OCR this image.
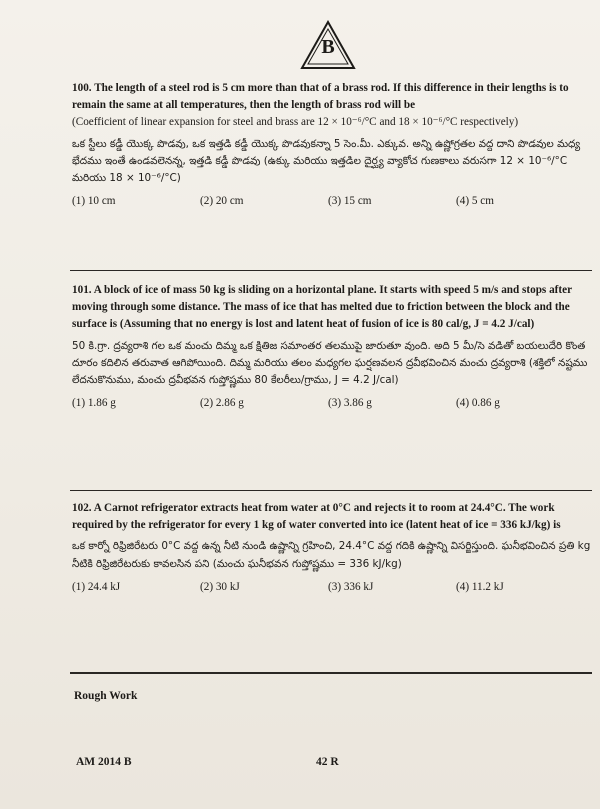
B

100. The length of a steel rod is 5 cm more than that of a brass rod. If this difference in their lengths is to remain the same at all temperatures, then the length of brass rod will be

(Coefficient of linear expansion for steel and brass are 12 × 10⁻⁶/°C and 18 × 10⁻⁶/°C respectively)

ఒక స్టీలు కడ్డీ యొక్క పొడవు, ఒక ఇత్తడి కడ్డీ యొక్క పొడవుకన్నా 5 సెం.మీ. ఎక్కువ. అన్ని ఉష్ణోగ్రతల వద్ద దాని పొడవుల మధ్య భేదము ఇంతే ఉండవలెనన్న, ఇత్తడి కడ్డీ పొడవు (ఉక్కు మరియు ఇత్తడిల దైర్ఘ్య వ్యాకోచ గుణకాలు వరుసగా 12 × 10⁻⁶/°C మరియు 18 × 10⁻⁶/°C)

(1) 10 cm	(2) 20 cm	(3) 15 cm	(4) 5 cm

101. A block of ice of mass 50 kg is sliding on a horizontal plane. It starts with speed 5 m/s and stops after moving through some distance. The mass of ice that has melted due to friction between the block and the surface is (Assuming that no energy is lost and latent heat of fusion of ice is 80 cal/g, J = 4.2 J/cal)

50 కి.గ్రా. ద్రవ్యరాశి గల ఒక మంచు దిమ్మ ఒక క్షితిజ సమాంతర తలముపై జారుతూ వుంది. అది 5 మీ/సె వడితో బయలుదేరి కొంత దూరం కదిలిన తరువాత ఆగిపోయింది. దిమ్మ మరియు తలం మధ్యగల ఘర్షణవలన ద్రవీభవించిన మంచు ద్రవ్యరాశి (శక్తిలో నష్టము లేదనుకొనుము, మంచు ద్రవీభవన గుప్తోష్ణము 80 కేలరీలు/గ్రాము, J = 4.2 J/cal)

(1) 1.86 g	(2) 2.86 g	(3) 3.86 g	(4) 0.86 g

102. A Carnot refrigerator extracts heat from water at 0°C and rejects it to room at 24.4°C. The work required by the refrigerator for every 1 kg of water converted into ice (latent heat of ice = 336 kJ/kg) is

ఒక కార్నో రిఫ్రిజిరేటరు 0°C వద్ద ఉన్న నీటి నుండి ఉష్ణాన్ని గ్రహించి, 24.4°C వద్ద గదికి ఉష్ణాన్ని విసర్జిస్తుంది. ఘనీభవించిన ప్రతి kg నీటికి రిఫ్రిజిరేటరుకు కావలసిన పని (మంచు ఘనీభవన గుప్తోష్ణము = 336 kJ/kg)

(1) 24.4 kJ	(2) 30 kJ	(3) 336 kJ	(4) 11.2 kJ
Rough Work
AM 2014 B	42 R
